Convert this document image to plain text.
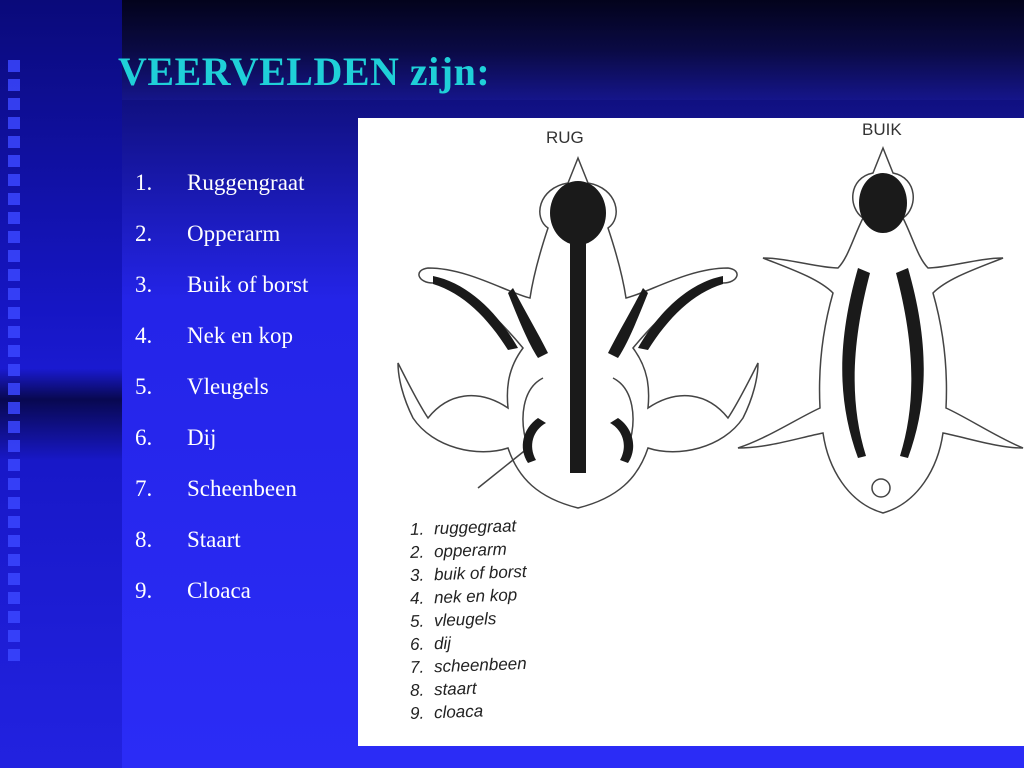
VEERVELDEN zijn:
1.	Ruggengraat
2.	Opperarm
3.	Buik of borst
4.	Nek en kop
5.	Vleugels
6.	Dij
7.	Scheenbeen
8.	Staart
9.	Cloaca
RUG	BUIK
1. ruggegraat
2. opperarm
3. buik of borst
4. nek en kop
5. vleugels
6. dij
7. scheenbeen
8. staart
9. cloaca
